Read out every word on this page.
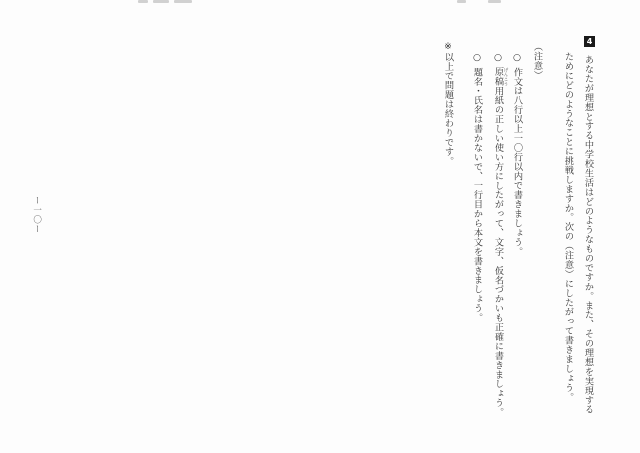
4
あなたが理想とする中学校生活はどのようなものですか。また、その理想を実現する
ためにどのようなことに挑戦しますか。次の（注意）にしたがって書きましょう。
（注意）
○作文は八行以上一〇行以内で書きましょう。
○原稿 げんこう用紙の正しい使い方にしたがって、文字、仮名づかいも正確に書きましょう。
○題名・氏名は書かないで、一行目から本文を書きましょう。
※以上で問題は終わりです。
ー一〇ー
